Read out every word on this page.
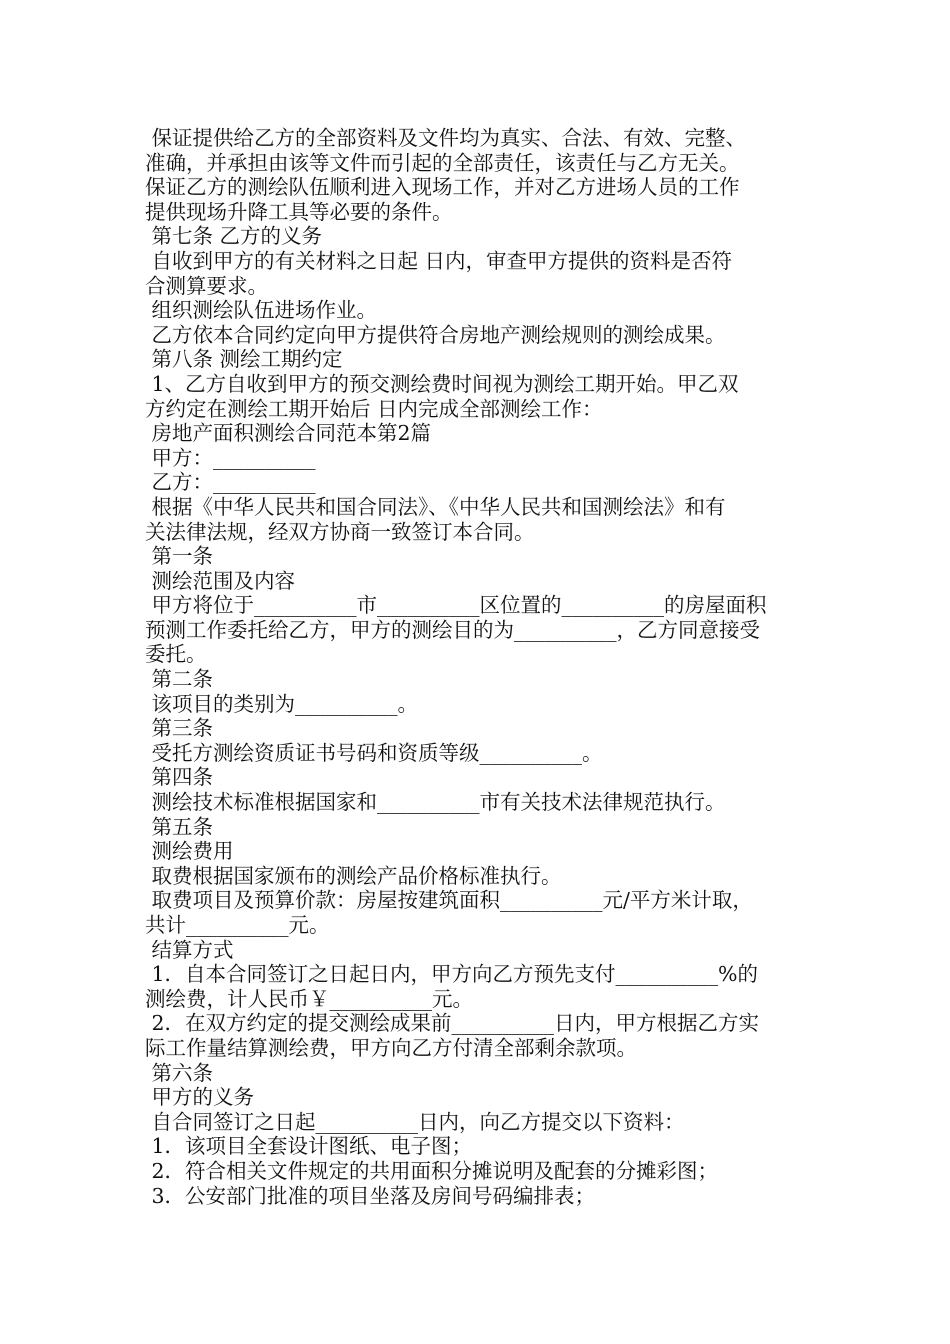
保证提供给乙方的全部资料及文件均为真实、合法、有效、完整、
准确，并承担由该等文件而引起的全部责任，该责任与乙方无关。
保证乙方的测绘队伍顺利进入现场工作，并对乙方进场人员的工作
提供现场升降工具等必要的条件。
第七条 乙方的义务
自收到甲方的有关材料之日起 日内，审查甲方提供的资料是否符
合测算要求。
组织测绘队伍进场作业。
乙方依本合同约定向甲方提供符合房地产测绘规则的测绘成果。
第八条 测绘工期约定
1、乙方自收到甲方的预交测绘费时间视为测绘工期开始。甲乙双
方约定在测绘工期开始后 日内完成全部测绘工作：
房地产面积测绘合同范本第2篇
甲方：__________
乙方：__________
根据《中华人民共和国合同法》、《中华人民共和国测绘法》和有
关法律法规，经双方协商一致签订本合同。
第一条
测绘范围及内容
甲方将位于__________市__________区位置的__________的房屋面积
预测工作委托给乙方，甲方的测绘目的为__________，乙方同意接受
委托。
第二条
该项目的类别为__________。
第三条
受托方测绘资质证书号码和资质等级__________。
第四条
测绘技术标准根据国家和__________市有关技术法律规范执行。
第五条
测绘费用
取费根据国家颁布的测绘产品价格标准执行。
取费项目及预算价款：房屋按建筑面积__________元/平方米计取，
共计__________元。
结算方式
1．自本合同签订之日起日内，甲方向乙方预先支付__________%的
测绘费，计人民币￥__________元。
2．在双方约定的提交测绘成果前__________日内，甲方根据乙方实
际工作量结算测绘费，甲方向乙方付清全部剩余款项。
第六条
甲方的义务
自合同签订之日起__________日内，向乙方提交以下资料：
1．该项目全套设计图纸、电子图；
2．符合相关文件规定的共用面积分摊说明及配套的分摊彩图；
3．公安部门批准的项目坐落及房间号码编排表；
